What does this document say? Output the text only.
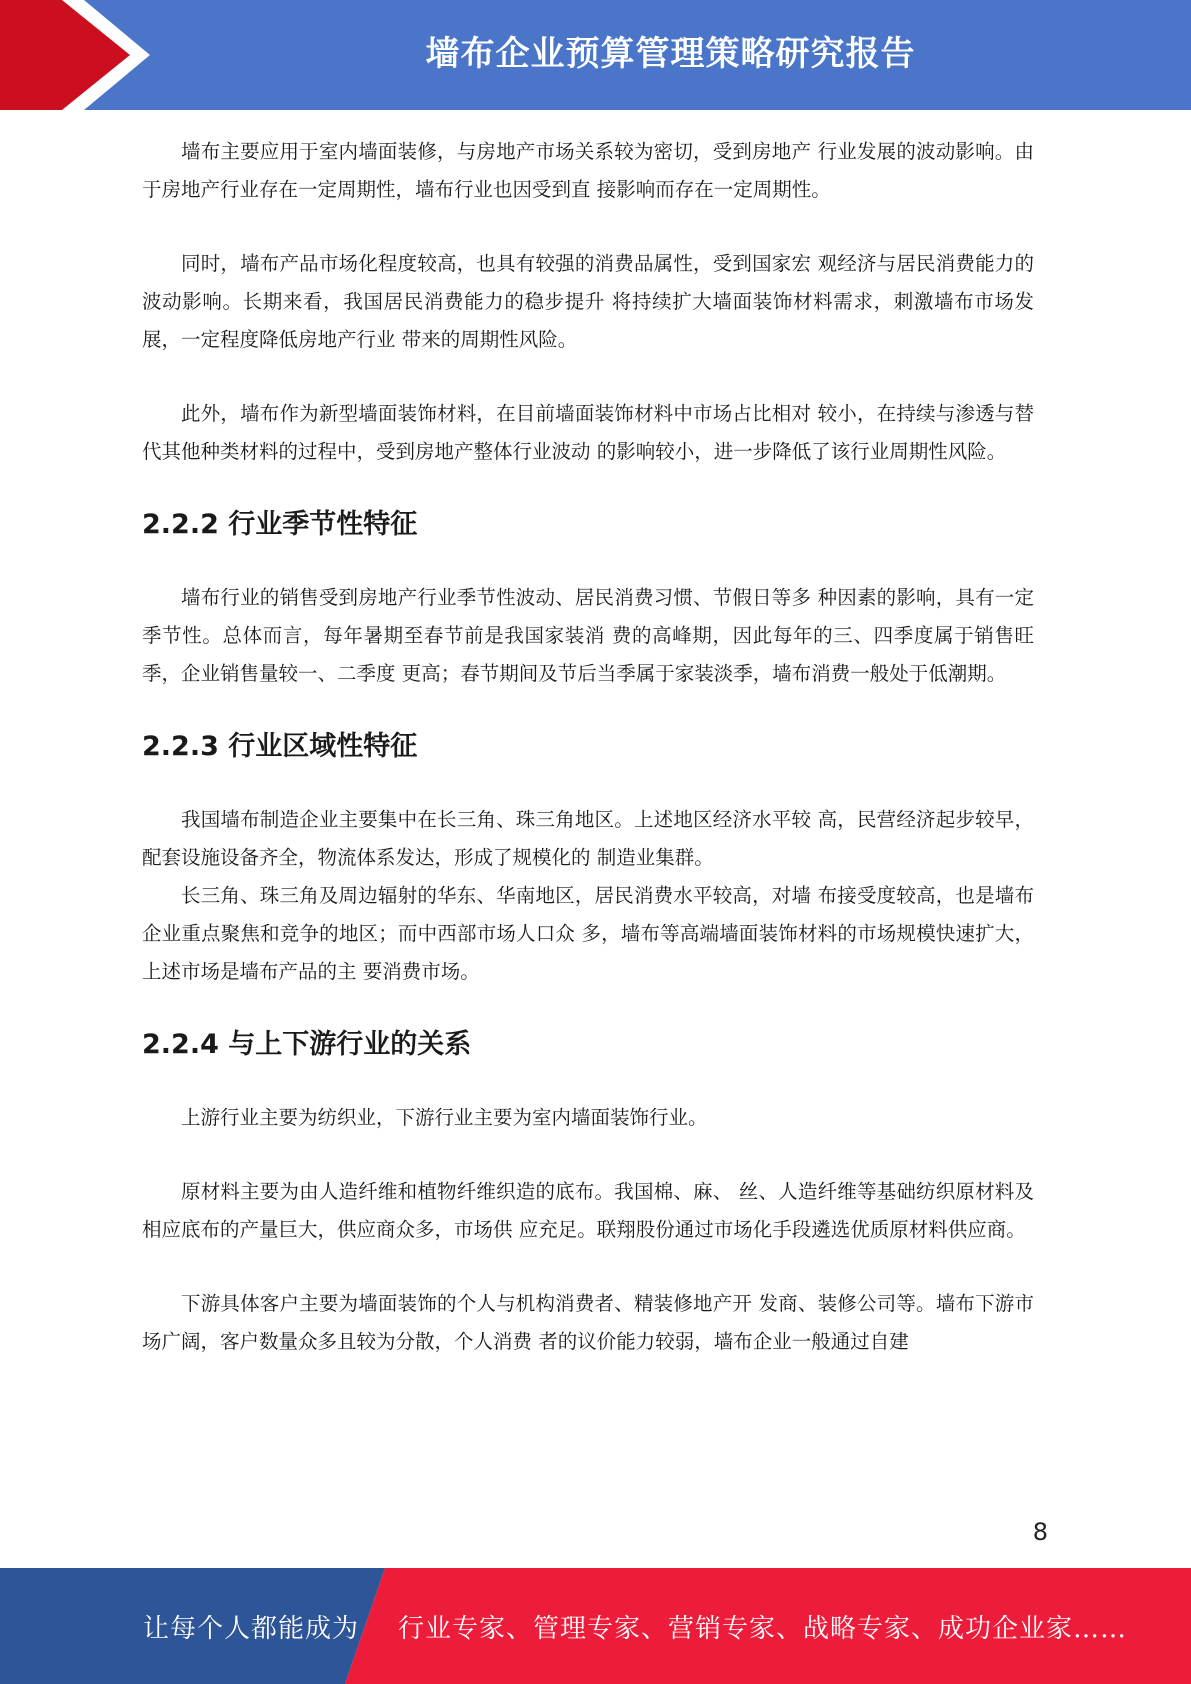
墙布企业预算管理策略研究报告

墙布主要应用于室内墙面装修，与房地产市场关系较为密切，受到房地产 行业发展的波动影响。由于房地产行业存在一定周期性，墙布行业也因受到直 接影响而存在一定周期性。

同时，墙布产品市场化程度较高，也具有较强的消费品属性，受到国家宏 观经济与居民消费能力的波动影响。长期来看，我国居民消费能力的稳步提升 将持续扩大墙面装饰材料需求，刺激墙布市场发展，一定程度降低房地产行业 带来的周期性风险。

此外，墙布作为新型墙面装饰材料，在目前墙面装饰材料中市场占比相对 较小，在持续与渗透与替代其他种类材料的过程中，受到房地产整体行业波动 的影响较小，进一步降低了该行业周期性风险。

2.2.2 行业季节性特征

墙布行业的销售受到房地产行业季节性波动、居民消费习惯、节假日等多 种因素的影响，具有一定季节性。总体而言，每年暑期至春节前是我国家装消 费的高峰期，因此每年的三、四季度属于销售旺季，企业销售量较一、二季度 更高；春节期间及节后当季属于家装淡季，墙布消费一般处于低潮期。

2.2.3 行业区域性特征

我国墙布制造企业主要集中在长三角、珠三角地区。上述地区经济水平较 高，民营经济起步较早，配套设施设备齐全，物流体系发达，形成了规模化的 制造业集群。

长三角、珠三角及周边辐射的华东、华南地区，居民消费水平较高，对墙 布接受度较高，也是墙布企业重点聚焦和竞争的地区；而中西部市场人口众 多，墙布等高端墙面装饰材料的市场规模快速扩大，上述市场是墙布产品的主 要消费市场。

2.2.4 与上下游行业的关系

上游行业主要为纺织业，下游行业主要为室内墙面装饰行业。

原材料主要为由人造纤维和植物纤维织造的底布。我国棉、麻、 丝、人造纤维等基础纺织原材料及相应底布的产量巨大，供应商众多，市场供 应充足。联翔股份通过市场化手段遴选优质原材料供应商。

下游具体客户主要为墙面装饰的个人与机构消费者、精装修地产开 发商、装修公司等。墙布下游市场广阔，客户数量众多且较为分散，个人消费 者的议价能力较弱，墙布企业一般通过自建

8
让每个人都能成为 行业专家、管理专家、营销专家、战略专家、成功企业家……
